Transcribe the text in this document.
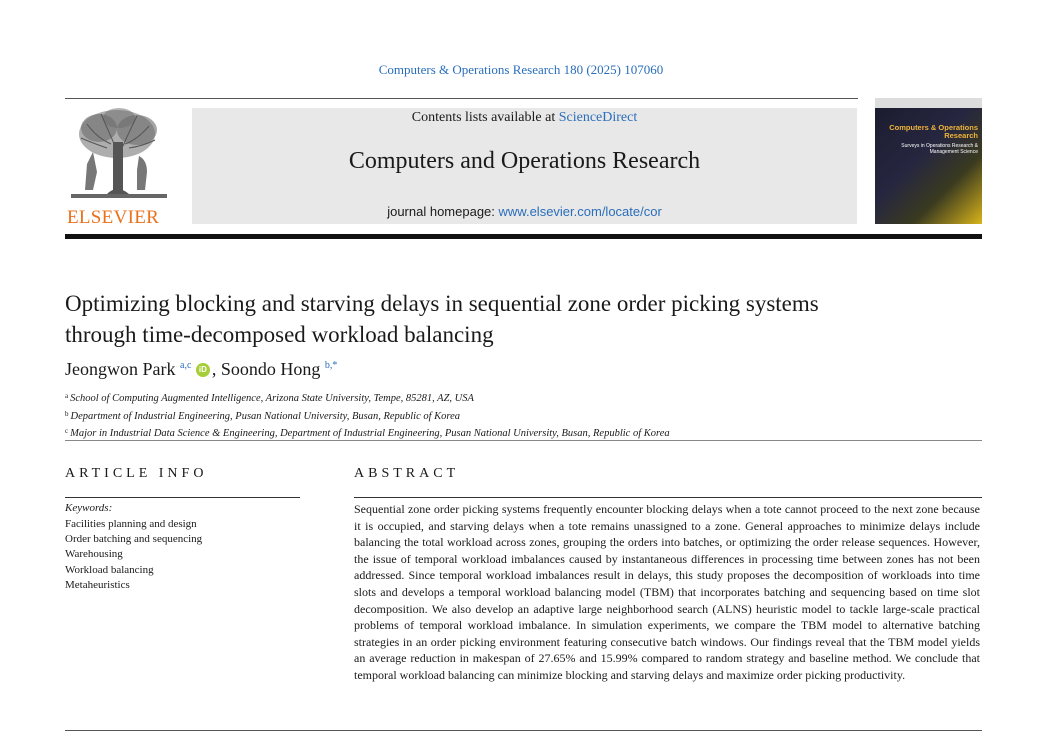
Computers & Operations Research 180 (2025) 107060
ELSEVIER
Contents lists available at ScienceDirect
Computers and Operations Research
journal homepage: www.elsevier.com/locate/cor
Computers & Operations Research
Surveys in Operations Research & Management Science
Optimizing blocking and starving delays in sequential zone order picking systems through time-decomposed workload balancing
Jeongwon Park $^{a,c}$ iD , Soondo Hong $^{b,*}$
$^a$ School of Computing Augmented Intelligence, Arizona State University, Tempe, 85281, AZ, USA
$^b$ Department of Industrial Engineering, Pusan National University, Busan, Republic of Korea
$^c$ Major in Industrial Data Science & Engineering, Department of Industrial Engineering, Pusan National University, Busan, Republic of Korea
ARTICLE INFO
Keywords:
Facilities planning and design
Order batching and sequencing
Warehousing
Workload balancing
Metaheuristics
ABSTRACT

Sequential zone order picking systems frequently encounter blocking delays when a tote cannot proceed to the next zone because it is occupied, and starving delays when a tote remains unassigned to a zone. General approaches to minimize delays include balancing the total workload across zones, grouping the orders into batches, or optimizing the order release sequences. However, the issue of temporal workload imbalances caused by instantaneous differences in processing time between zones has not been addressed. Since temporal workload imbalances result in delays, this study proposes the decomposition of workloads into time slots and develops a temporal workload balancing model (TBM) that incorporates batching and sequencing based on time slot decomposition. We also develop an adaptive large neighborhood search (ALNS) heuristic model to tackle large-scale practical problems of temporal workload imbalance. In simulation experiments, we compare the TBM model to alternative batching strategies in an order picking environment featuring consecutive batch windows. Our findings reveal that the TBM model yields an average reduction in makespan of 27.65% and 15.99% compared to random strategy and baseline method. We conclude that temporal workload balancing can minimize blocking and starving delays and maximize order picking productivity.
